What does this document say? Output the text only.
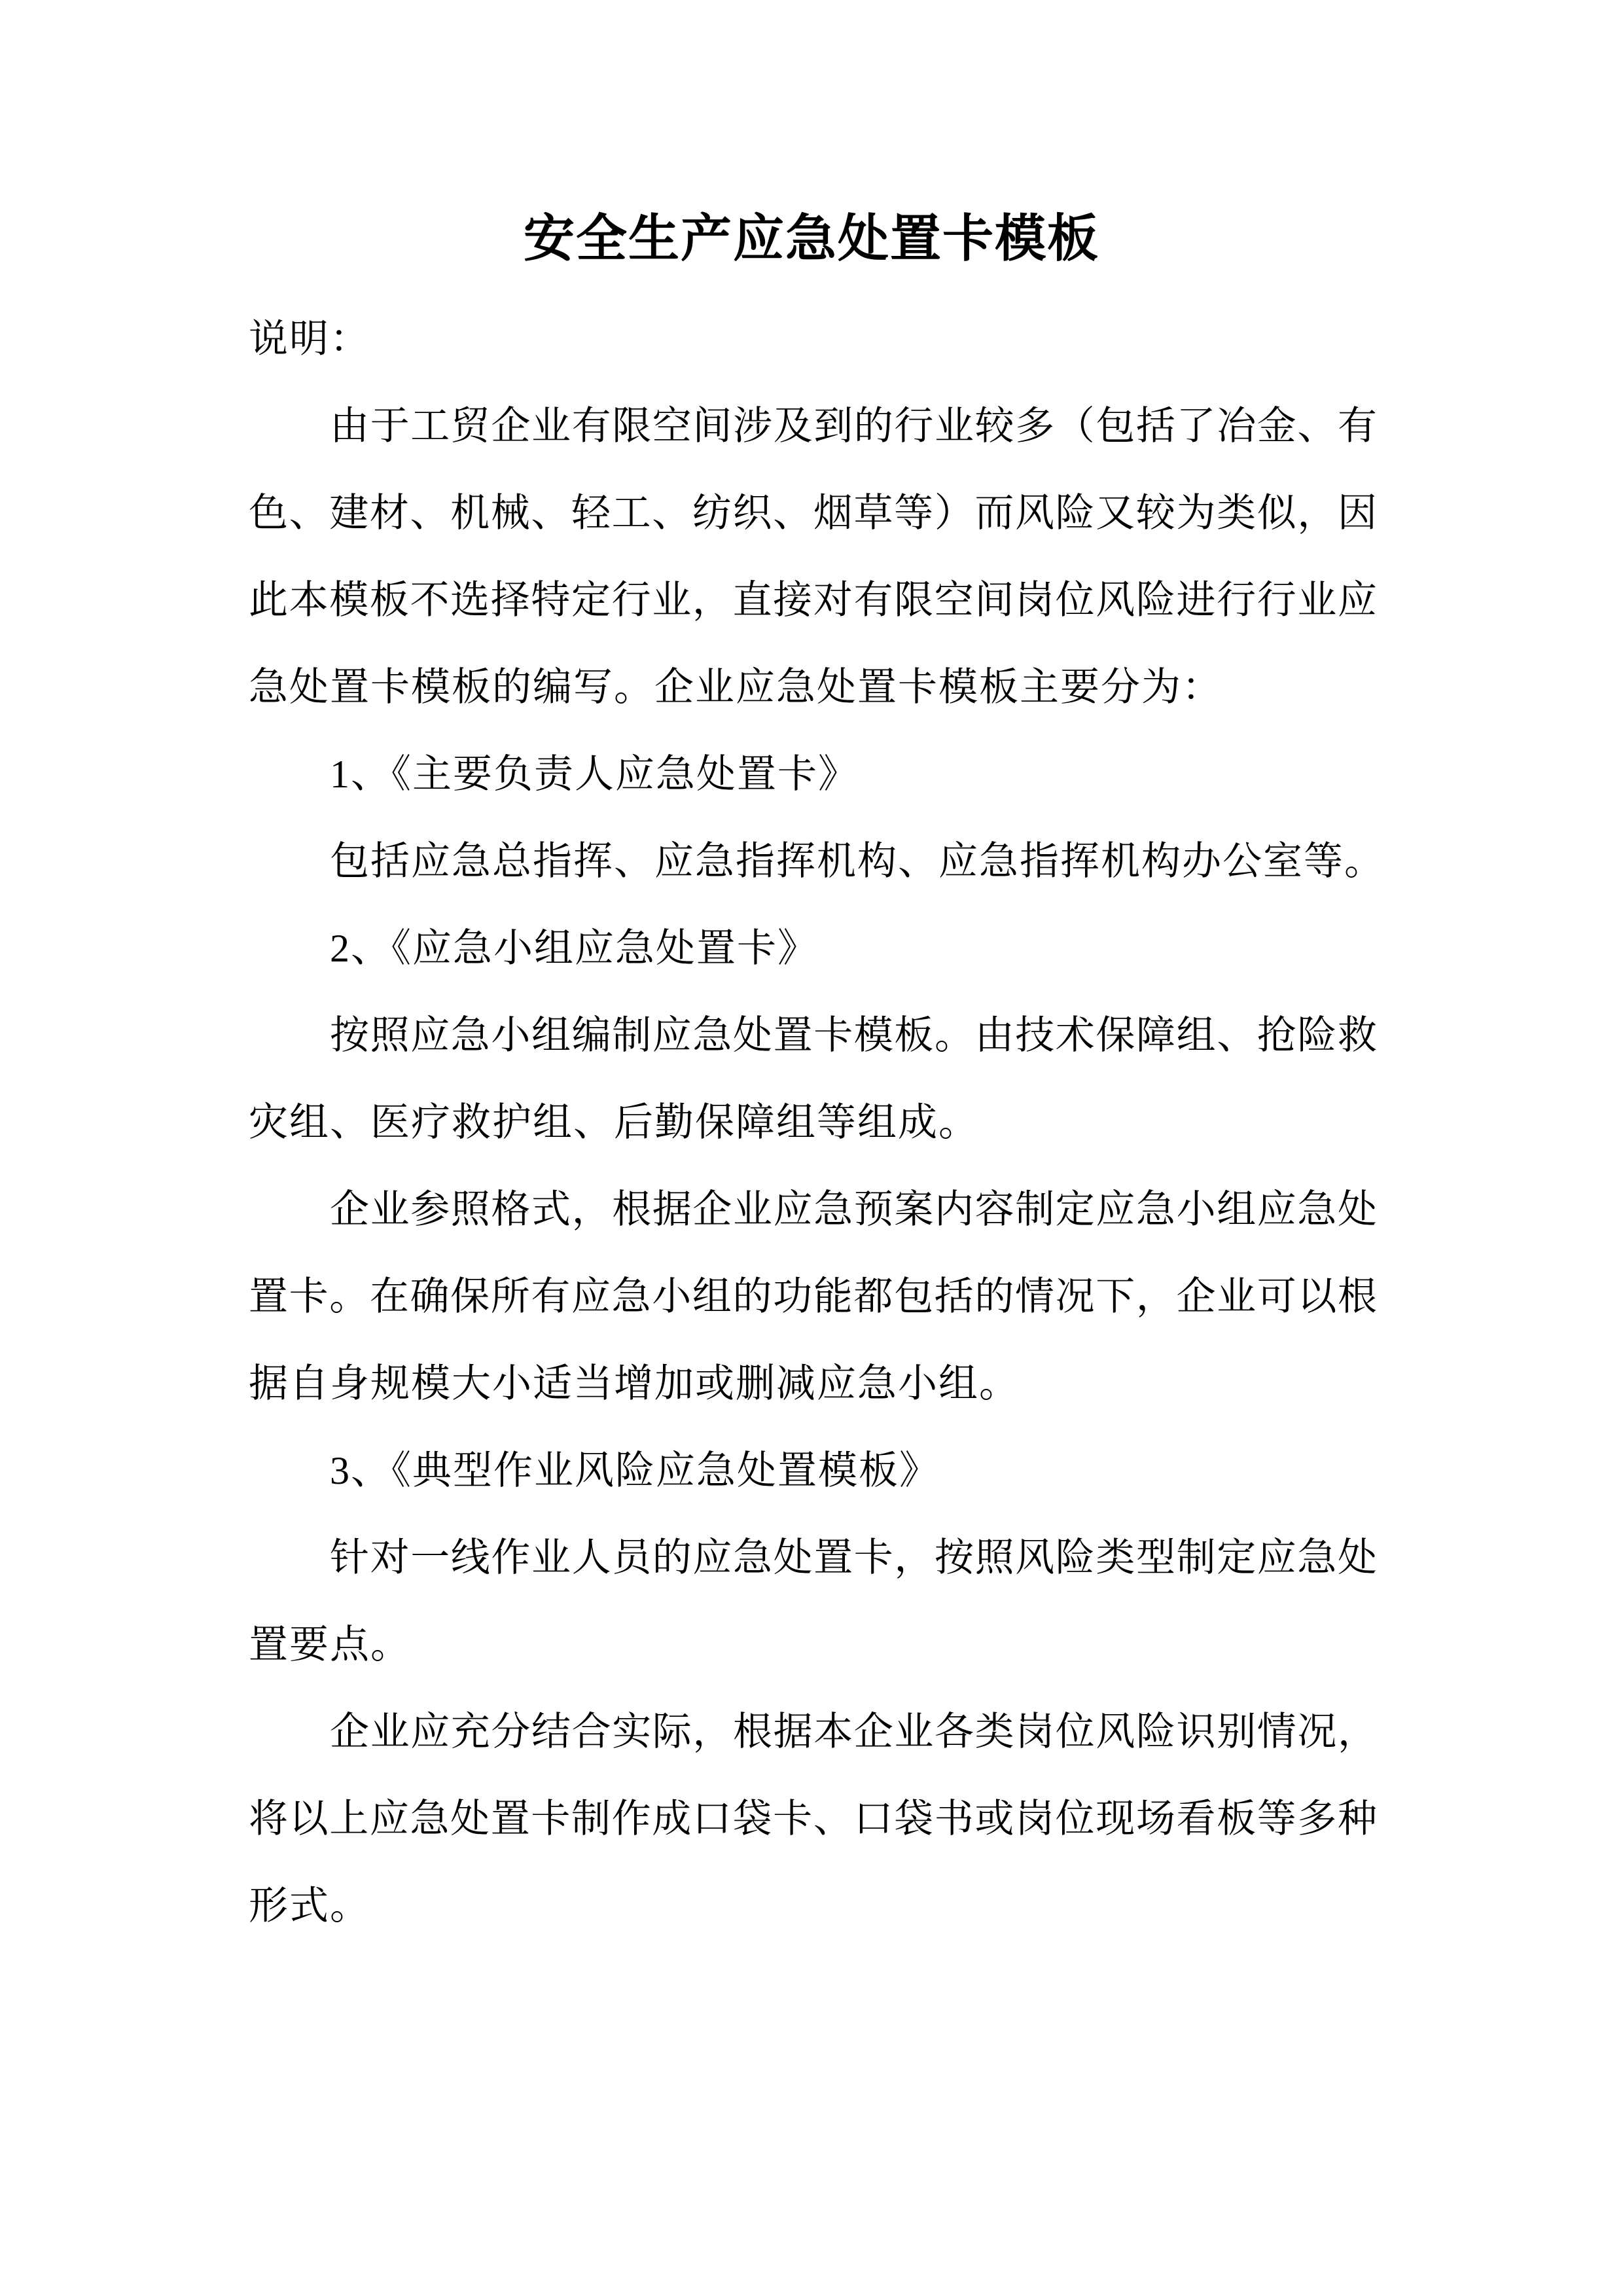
安全生产应急处置卡模板
说明：
由于工贸企业有限空间涉及到的行业较多（包括了冶金、有
色、建材、机械、轻工、纺织、烟草等）而风险又较为类似，因
此本模板不选择特定行业，直接对有限空间岗位风险进行行业应
急处置卡模板的编写。企业应急处置卡模板主要分为：
1、《主要负责人应急处置卡》
包括应急总指挥、应急指挥机构、应急指挥机构办公室等。
2、《应急小组应急处置卡》
按照应急小组编制应急处置卡模板。由技术保障组、抢险救
灾组、医疗救护组、后勤保障组等组成。
企业参照格式，根据企业应急预案内容制定应急小组应急处
置卡。在确保所有应急小组的功能都包括的情况下，企业可以根
据自身规模大小适当增加或删减应急小组。
3、《典型作业风险应急处置模板》
针对一线作业人员的应急处置卡，按照风险类型制定应急处
置要点。
企业应充分结合实际，根据本企业各类岗位风险识别情况，
将以上应急处置卡制作成口袋卡、口袋书或岗位现场看板等多种
形式。
